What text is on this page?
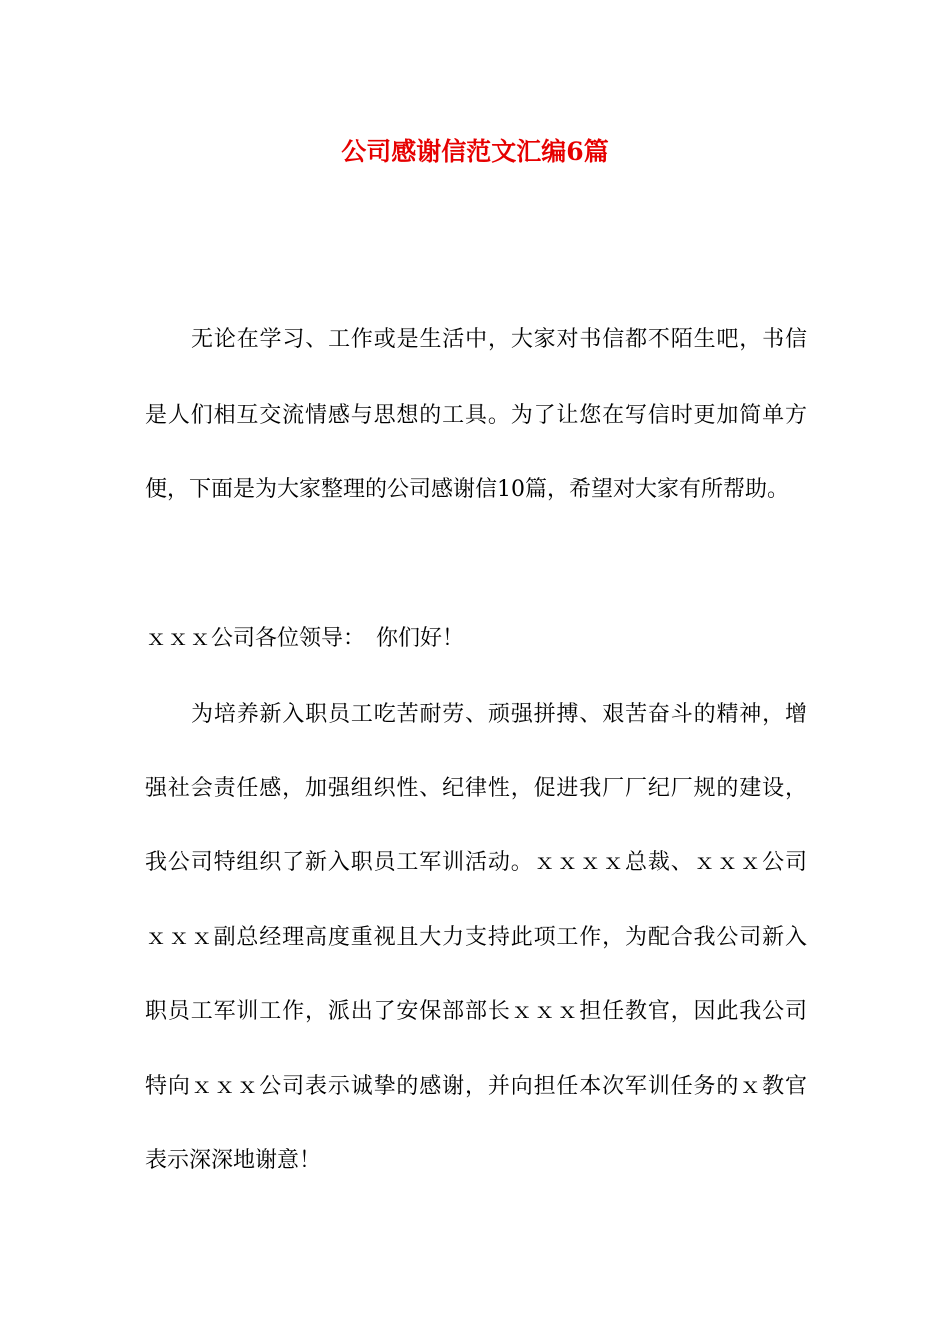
公司感谢信范文汇编6篇
无论在学习、工作或是生活中，大家对书信都不陌生吧，书信
是人们相互交流情感与思想的工具。为了让您在写信时更加简单方
便，下面是为大家整理的公司感谢信10篇，希望对大家有所帮助。
ｘｘｘ公司各位领导：　你们好！
为培养新入职员工吃苦耐劳、顽强拼搏、艰苦奋斗的精神，增
强社会责任感，加强组织性、纪律性，促进我厂厂纪厂规的建设，
我公司特组织了新入职员工军训活动。ｘｘｘｘ总裁、ｘｘｘ公司
ｘｘｘ副总经理高度重视且大力支持此项工作，为配合我公司新入
职员工军训工作，派出了安保部部长ｘｘｘ担任教官，因此我公司
特向ｘｘｘ公司表示诚挚的感谢，并向担任本次军训任务的ｘ教官
表示深深地谢意！
